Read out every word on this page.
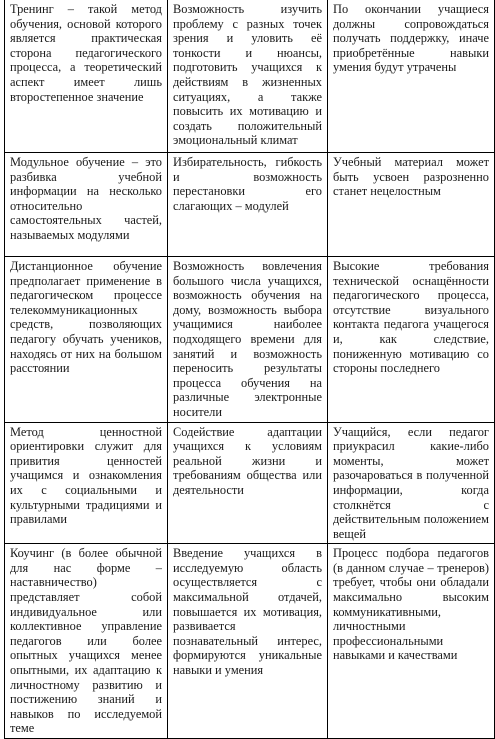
Тренинг – такой метод обучения, основой которого является практическая сторона педагогического процесса, а теоретический аспект имеет лишь второстепенное значение	Возможность изучить проблему с разных точек зрения и уловить её тонкости и нюансы, подготовить учащихся к действиям в жизненных ситуациях, а также повысить их мотивацию и создать положительный эмоциональный климат	По окончании учащиеся должны сопровождаться получать поддержку, иначе приобретённые навыки умения будут утрачены
Модульное обучение – это разбивка учебной информации на несколько относительно самостоятельных частей, называемых модулями	Избирательность, гибкость и возможность перестановки его слагающих – модулей	Учебный материал может быть усвоен разрозненно станет нецелостным
Дистанционное обучение предполагает применение в педагогическом процессе телекоммуникационных средств, позволяющих педагогу обучать учеников, находясь от них на большом расстоянии	Возможность вовлечения большого числа учащихся, возможность обучения на дому, возможность выбора учащимися наиболее подходящего времени для занятий и возможность переносить результаты процесса обучения на различные электронные носители	Высокие требования технической оснащённости педагогического процесса, отсутствие визуального контакта педагога учащегося и, как следствие, пониженную мотивацию со стороны последнего
Метод ценностной ориентировки служит для привития ценностей учащимся и ознакомления их с социальными и культурными традициями и правилами	Содействие адаптации учащихся к условиям реальной жизни и требованиям общества или деятельности	Учащийся, если педагог приукрасил какие-либо моменты, может разочароваться в полученной информации, когда столкнётся с действительным положением вещей
Коучинг (в более обычной для нас форме – наставничество) представляет собой индивидуальное или коллективное управление педагогов или более опытных учащихся менее опытными, их адаптацию к личностному развитию и постижению знаний и навыков по исследуемой теме	Введение учащихся в исследуемую область осуществляется с максимальной отдачей, повышается их мотивация, развивается познавательный интерес, формируются уникальные навыки и умения	Процесс подбора педагогов (в данном случае – тренеров) требует, чтобы они обладали максимально высоким коммуникативными, личностными профессиональными навыками и качествами
